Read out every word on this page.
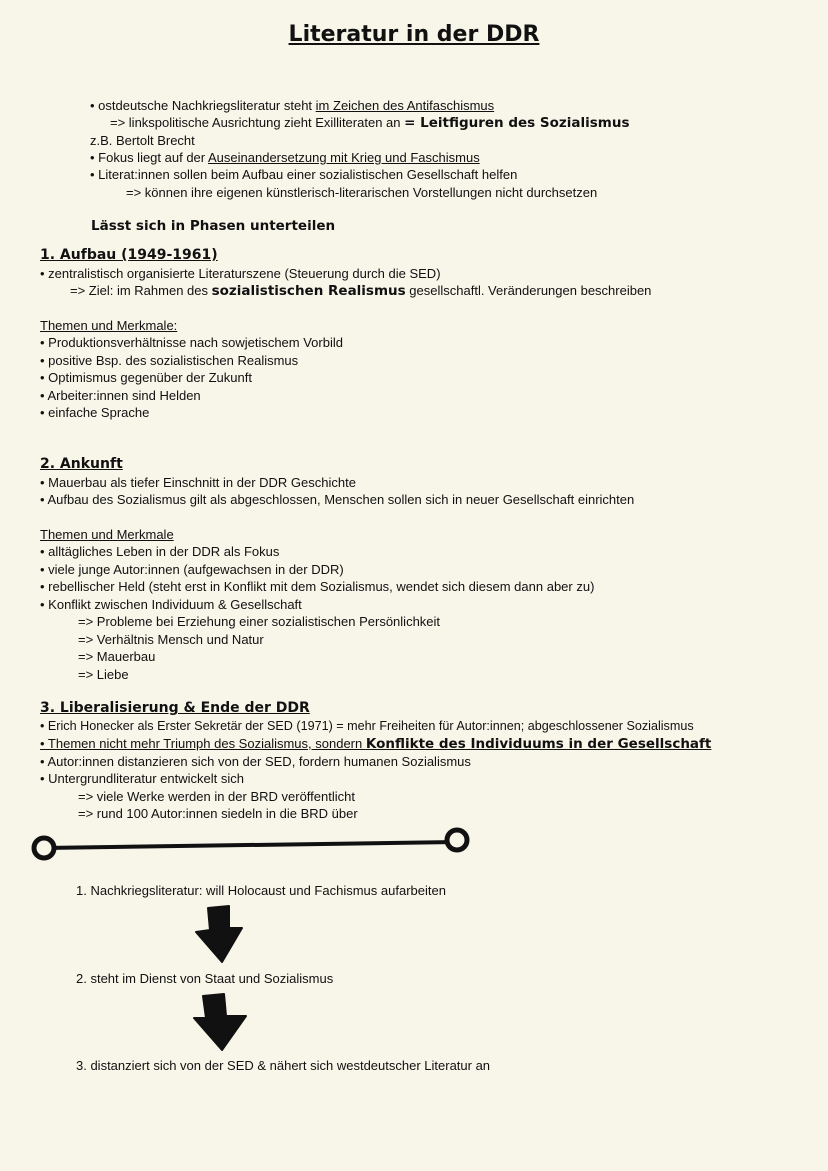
Literatur in der DDR
• ostdeutsche Nachkriegsliteratur steht im Zeichen des Antifaschismus
=> linkspolitische Ausrichtung zieht Exilliteraten an = Leitfiguren des Sozialismus
z.B. Bertolt Brecht
• Fokus liegt auf der Auseinandersetzung mit Krieg und Faschismus
• Literat:innen sollen beim Aufbau einer sozialistischen Gesellschaft helfen
=> können ihre eigenen künstlerisch-literarischen Vorstellungen nicht durchsetzen
Lässt sich in Phasen unterteilen
1. Aufbau (1949-1961)
• zentralistisch organisierte Literaturszene (Steuerung durch die SED)
=> Ziel: im Rahmen des sozialistischen Realismus gesellschaftl. Veränderungen beschreiben
Themen und Merkmale:
• Produktionsverhältnisse nach sowjetischem Vorbild
• positive Bsp. des sozialistischen Realismus
• Optimismus gegenüber der Zukunft
• Arbeiter:innen sind Helden
• einfache Sprache
2. Ankunft
• Mauerbau als tiefer Einschnitt in der DDR Geschichte
• Aufbau des Sozialismus gilt als abgeschlossen, Menschen sollen sich in neuer Gesellschaft einrichten
Themen und Merkmale
• alltägliches Leben in der DDR als Fokus
• viele junge Autor:innen (aufgewachsen in der DDR)
• rebellischer Held (steht erst in Konflikt mit dem Sozialismus, wendet sich diesem dann aber zu)
• Konflikt zwischen Individuum & Gesellschaft
=> Probleme bei Erziehung einer sozialistischen Persönlichkeit
=> Verhältnis Mensch und Natur
=> Mauerbau
=> Liebe
3. Liberalisierung & Ende der DDR
• Erich Honecker als Erster Sekretär der SED (1971) = mehr Freiheiten für Autor:innen; abgeschlossener Sozialismus
• Themen nicht mehr Triumph des Sozialismus, sondern Konflikte des Individuums in der Gesellschaft
• Autor:innen distanzieren sich von der SED, fordern humanen Sozialismus
• Untergrundliteratur entwickelt sich
=> viele Werke werden in der BRD veröffentlicht
=> rund 100 Autor:innen siedeln in die BRD über
1. Nachkriegsliteratur: will Holocaust und Fachismus aufarbeiten
2. steht im Dienst von Staat und Sozialismus
3. distanziert sich von der SED & nähert sich westdeutscher Literatur an
